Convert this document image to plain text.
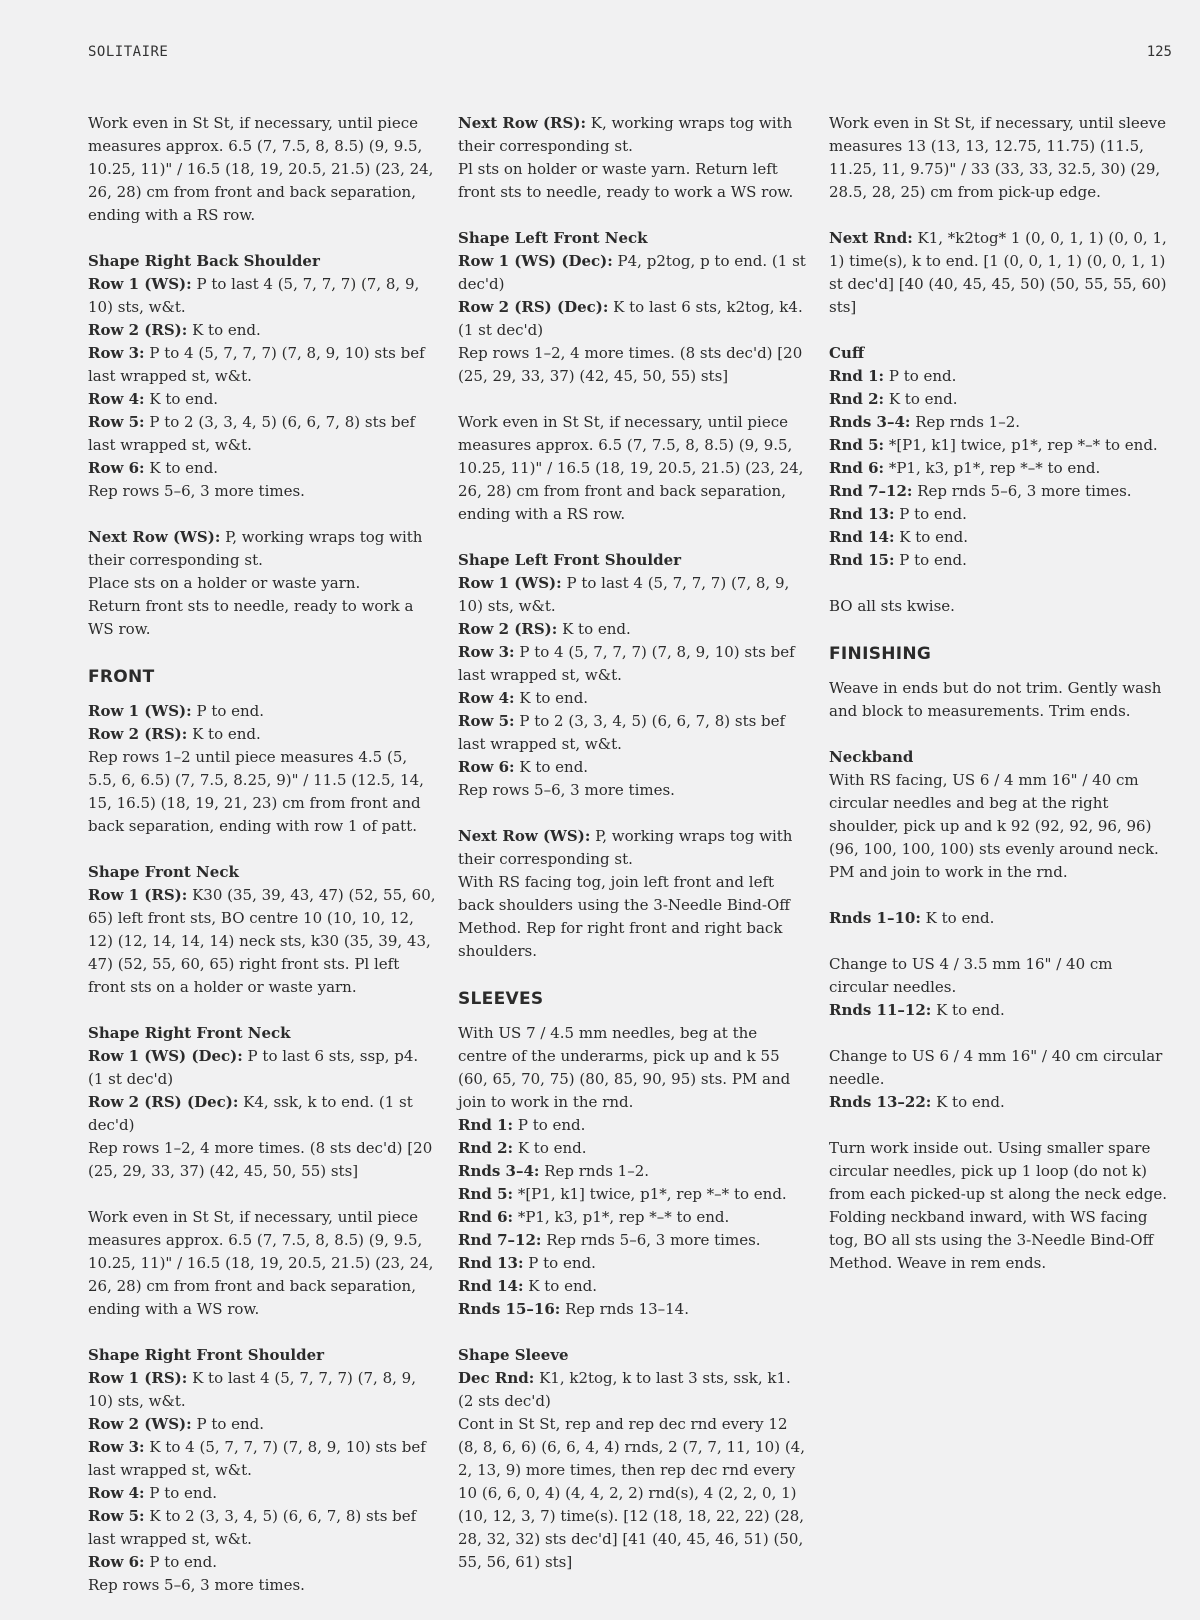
SOLITAIRE	125

Work even in St St, if necessary, until piece measures approx. 6.5 (7, 7.5, 8, 8.5) (9, 9.5, 10.25, 11)" / 16.5 (18, 19, 20.5, 21.5) (23, 24, 26, 28) cm from front and back separation, ending with a RS row.

Shape Right Back Shoulder

Row 1 (WS): P to last 4 (5, 7, 7, 7) (7, 8, 9, 10) sts, w&t.

Row 2 (RS): K to end.

Row 3: P to 4 (5, 7, 7, 7) (7, 8, 9, 10) sts bef last wrapped st, w&t.

Row 4: K to end.

Row 5: P to 2 (3, 3, 4, 5) (6, 6, 7, 8) sts bef last wrapped st, w&t.

Row 6: K to end.

Rep rows 5–6, 3 more times.

Next Row (WS): P, working wraps tog with their corresponding st.

Place sts on a holder or waste yarn.

Return front sts to needle, ready to work a WS row.

FRONT

Row 1 (WS): P to end.

Row 2 (RS): K to end.

Rep rows 1–2 until piece measures 4.5 (5, 5.5, 6, 6.5) (7, 7.5, 8.25, 9)" / 11.5 (12.5, 14, 15, 16.5) (18, 19, 21, 23) cm from front and back separation, ending with row 1 of patt.

Shape Front Neck

Row 1 (RS): K30 (35, 39, 43, 47) (52, 55, 60, 65) left front sts, BO centre 10 (10, 10, 12, 12) (12, 14, 14, 14) neck sts, k30 (35, 39, 43, 47) (52, 55, 60, 65) right front sts. Pl left front sts on a holder or waste yarn.

Shape Right Front Neck

Row 1 (WS) (Dec): P to last 6 sts, ssp, p4. (1 st dec'd)

Row 2 (RS) (Dec): K4, ssk, k to end. (1 st dec'd)

Rep rows 1–2, 4 more times. (8 sts dec'd) [20 (25, 29, 33, 37) (42, 45, 50, 55) sts]

Work even in St St, if necessary, until piece measures approx. 6.5 (7, 7.5, 8, 8.5) (9, 9.5, 10.25, 11)" / 16.5 (18, 19, 20.5, 21.5) (23, 24, 26, 28) cm from front and back separation, ending with a WS row.

Shape Right Front Shoulder

Row 1 (RS): K to last 4 (5, 7, 7, 7) (7, 8, 9, 10) sts, w&t.

Row 2 (WS): P to end.

Row 3: K to 4 (5, 7, 7, 7) (7, 8, 9, 10) sts bef last wrapped st, w&t.

Row 4: P to end.

Row 5: K to 2 (3, 3, 4, 5) (6, 6, 7, 8) sts bef last wrapped st, w&t.

Row 6: P to end.

Rep rows 5–6, 3 more times.

Next Row (RS): K, working wraps tog with their corresponding st.

Pl sts on holder or waste yarn. Return left front sts to needle, ready to work a WS row.

Shape Left Front Neck

Row 1 (WS) (Dec): P4, p2tog, p to end. (1 st dec'd)

Row 2 (RS) (Dec): K to last 6 sts, k2tog, k4. (1 st dec'd)

Rep rows 1–2, 4 more times. (8 sts dec'd) [20 (25, 29, 33, 37) (42, 45, 50, 55) sts]

Work even in St St, if necessary, until piece measures approx. 6.5 (7, 7.5, 8, 8.5) (9, 9.5, 10.25, 11)" / 16.5 (18, 19, 20.5, 21.5) (23, 24, 26, 28) cm from front and back separation, ending with a RS row.

Shape Left Front Shoulder

Row 1 (WS): P to last 4 (5, 7, 7, 7) (7, 8, 9, 10) sts, w&t.

Row 2 (RS): K to end.

Row 3: P to 4 (5, 7, 7, 7) (7, 8, 9, 10) sts bef last wrapped st, w&t.

Row 4: K to end.

Row 5: P to 2 (3, 3, 4, 5) (6, 6, 7, 8) sts bef last wrapped st, w&t.

Row 6: K to end.

Rep rows 5–6, 3 more times.

Next Row (WS): P, working wraps tog with their corresponding st.

With RS facing tog, join left front and left back shoulders using the 3-Needle Bind-Off Method. Rep for right front and right back shoulders.

SLEEVES

With US 7 / 4.5 mm needles, beg at the centre of the underarms, pick up and k 55 (60, 65, 70, 75) (80, 85, 90, 95) sts. PM and join to work in the rnd.

Rnd 1: P to end.

Rnd 2: K to end.

Rnds 3–4: Rep rnds 1–2.

Rnd 5: *[P1, k1] twice, p1*, rep *–* to end.

Rnd 6: *P1, k3, p1*, rep *–* to end.

Rnd 7–12: Rep rnds 5–6, 3 more times.

Rnd 13: P to end.

Rnd 14: K to end.

Rnds 15–16: Rep rnds 13–14.

Shape Sleeve

Dec Rnd: K1, k2tog, k to last 3 sts, ssk, k1. (2 sts dec'd)

Cont in St St, rep and rep dec rnd every 12 (8, 8, 6, 6) (6, 6, 4, 4) rnds, 2 (7, 7, 11, 10) (4, 2, 13, 9) more times, then rep dec rnd every 10 (6, 6, 0, 4) (4, 4, 2, 2) rnd(s), 4 (2, 2, 0, 1) (10, 12, 3, 7) time(s). [12 (18, 18, 22, 22) (28, 28, 32, 32) sts dec'd] [41 (40, 45, 46, 51) (50, 55, 56, 61) sts]

Work even in St St, if necessary, until sleeve measures 13 (13, 13, 12.75, 11.75) (11.5, 11.25, 11, 9.75)" / 33 (33, 33, 32.5, 30) (29, 28.5, 28, 25) cm from pick-up edge.

Next Rnd: K1, *k2tog* 1 (0, 0, 1, 1) (0, 0, 1, 1) time(s), k to end. [1 (0, 0, 1, 1) (0, 0, 1, 1) st dec'd] [40 (40, 45, 45, 50) (50, 55, 55, 60) sts]

Cuff

Rnd 1: P to end.

Rnd 2: K to end.

Rnds 3–4: Rep rnds 1–2.

Rnd 5: *[P1, k1] twice, p1*, rep *–* to end.

Rnd 6: *P1, k3, p1*, rep *–* to end.

Rnd 7–12: Rep rnds 5–6, 3 more times.

Rnd 13: P to end.

Rnd 14: K to end.

Rnd 15: P to end.

BO all sts kwise.

FINISHING

Weave in ends but do not trim. Gently wash and block to measurements. Trim ends.

Neckband

With RS facing, US 6 / 4 mm 16" / 40 cm circular needles and beg at the right shoulder, pick up and k 92 (92, 92, 96, 96) (96, 100, 100, 100) sts evenly around neck. PM and join to work in the rnd.

Rnds 1–10: K to end.

Change to US 4 / 3.5 mm 16" / 40 cm circular needles.

Rnds 11–12: K to end.

Change to US 6 / 4 mm 16" / 40 cm circular needle.

Rnds 13–22: K to end.

Turn work inside out. Using smaller spare circular needles, pick up 1 loop (do not k) from each picked-up st along the neck edge. Folding neckband inward, with WS facing tog, BO all sts using the 3-Needle Bind-Off Method. Weave in rem ends.
